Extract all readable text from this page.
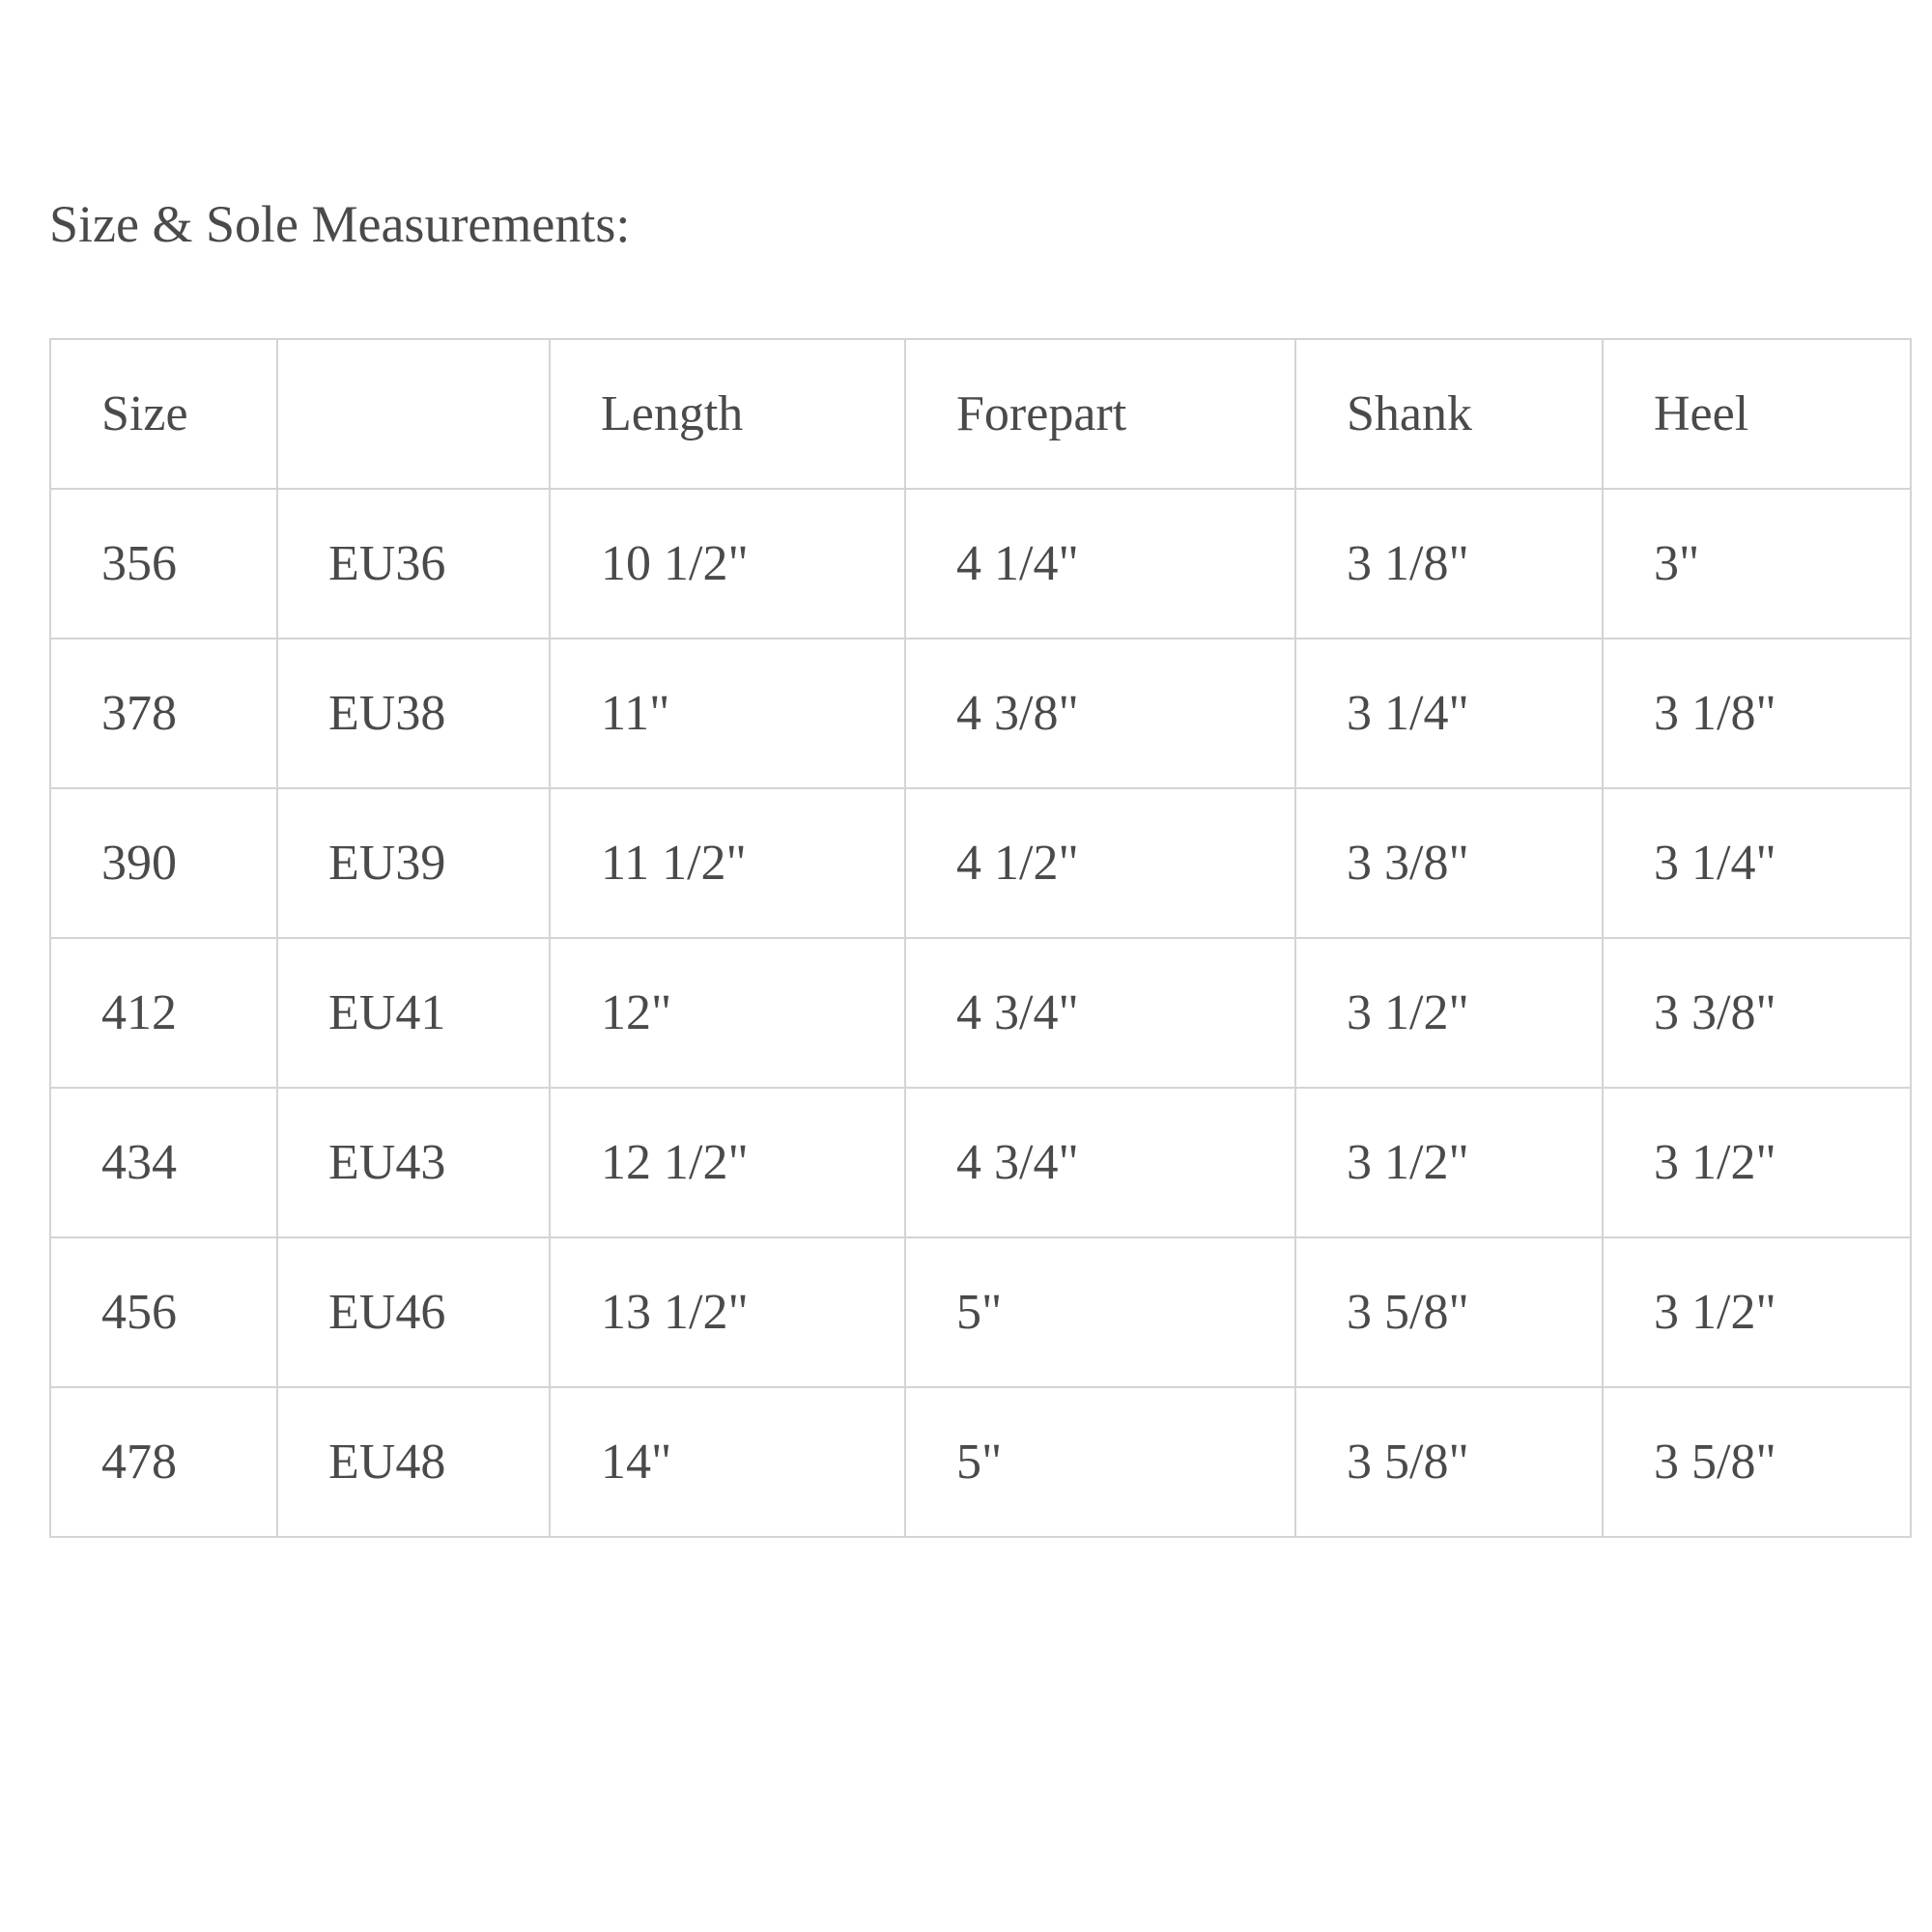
Size & Sole Measurements:
Size		Length	Forepart	Shank	Heel
356	EU36	10 1/2"	4 1/4"	3 1/8"	3"
378	EU38	11"	4 3/8"	3 1/4"	3 1/8"
390	EU39	11 1/2"	4 1/2"	3 3/8"	3 1/4"
412	EU41	12"	4 3/4"	3 1/2"	3 3/8"
434	EU43	12 1/2"	4 3/4"	3 1/2"	3 1/2"
456	EU46	13 1/2"	5"	3 5/8"	3 1/2"
478	EU48	14"	5"	3 5/8"	3 5/8"
